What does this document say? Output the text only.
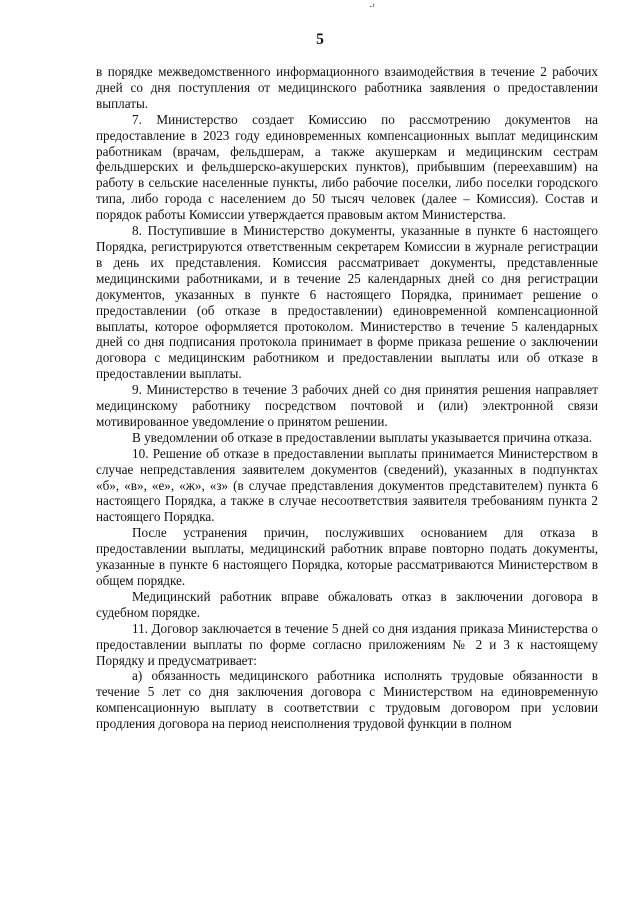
·ᵗ
5

в порядке межведомственного информационного взаимодействия в течение 2 рабочих дней со дня поступления от медицинского работника заявления о предоставлении выплаты.

7. Министерство создает Комиссию по рассмотрению документов на предоставление в 2023 году единовременных компенсационных выплат медицинским работникам (врачам, фельдшерам, а также акушеркам и медицинским сестрам фельдшерских и фельдшерско-акушерских пунктов), прибывшим (переехавшим) на работу в сельские населенные пункты, либо рабочие поселки, либо поселки городского типа, либо города с населением до 50 тысяч человек (далее – Комиссия). Состав и порядок работы Комиссии утверждается правовым актом Министерства.

8. Поступившие в Министерство документы, указанные в пункте 6 настоящего Порядка, регистрируются ответственным секретарем Комиссии в журнале регистрации в день их представления. Комиссия рассматривает документы, представленные медицинскими работниками, и в течение 25 календарных дней со дня регистрации документов, указанных в пункте 6 настоящего Порядка, принимает решение о предоставлении (об отказе в предоставлении) единовременной компенсационной выплаты, которое оформляется протоколом. Министерство в течение 5 календарных дней со дня подписания протокола принимает в форме приказа решение о заключении договора с медицинским работником и предоставлении выплаты или об отказе в предоставлении выплаты.

9. Министерство в течение 3 рабочих дней со дня принятия решения направляет медицинскому работнику посредством почтовой и (или) электронной связи мотивированное уведомление о принятом решении.

В уведомлении об отказе в предоставлении выплаты указывается причина отказа.

10. Решение об отказе в предоставлении выплаты принимается Министерством в случае непредставления заявителем документов (сведений), указанных в подпунктах «б», «в», «е», «ж», «з» (в случае представления документов представителем) пункта 6 настоящего Порядка, а также в случае несоответствия заявителя требованиям пункта 2 настоящего Порядка.

После устранения причин, послуживших основанием для отказа в предоставлении выплаты, медицинский работник вправе повторно подать документы, указанные в пункте 6 настоящего Порядка, которые рассматриваются Министерством в общем порядке.

Медицинский работник вправе обжаловать отказ в заключении договора в судебном порядке.

11. Договор заключается в течение 5 дней со дня издания приказа Министерства о предоставлении выплаты по форме согласно приложениям № 2 и 3 к настоящему Порядку и предусматривает:

а) обязанность медицинского работника исполнять трудовые обязанности в течение 5 лет со дня заключения договора с Министерством на единовременную компенсационную выплату в соответствии с трудовым договором при условии продления договора на период неисполнения трудовой функции в полном
